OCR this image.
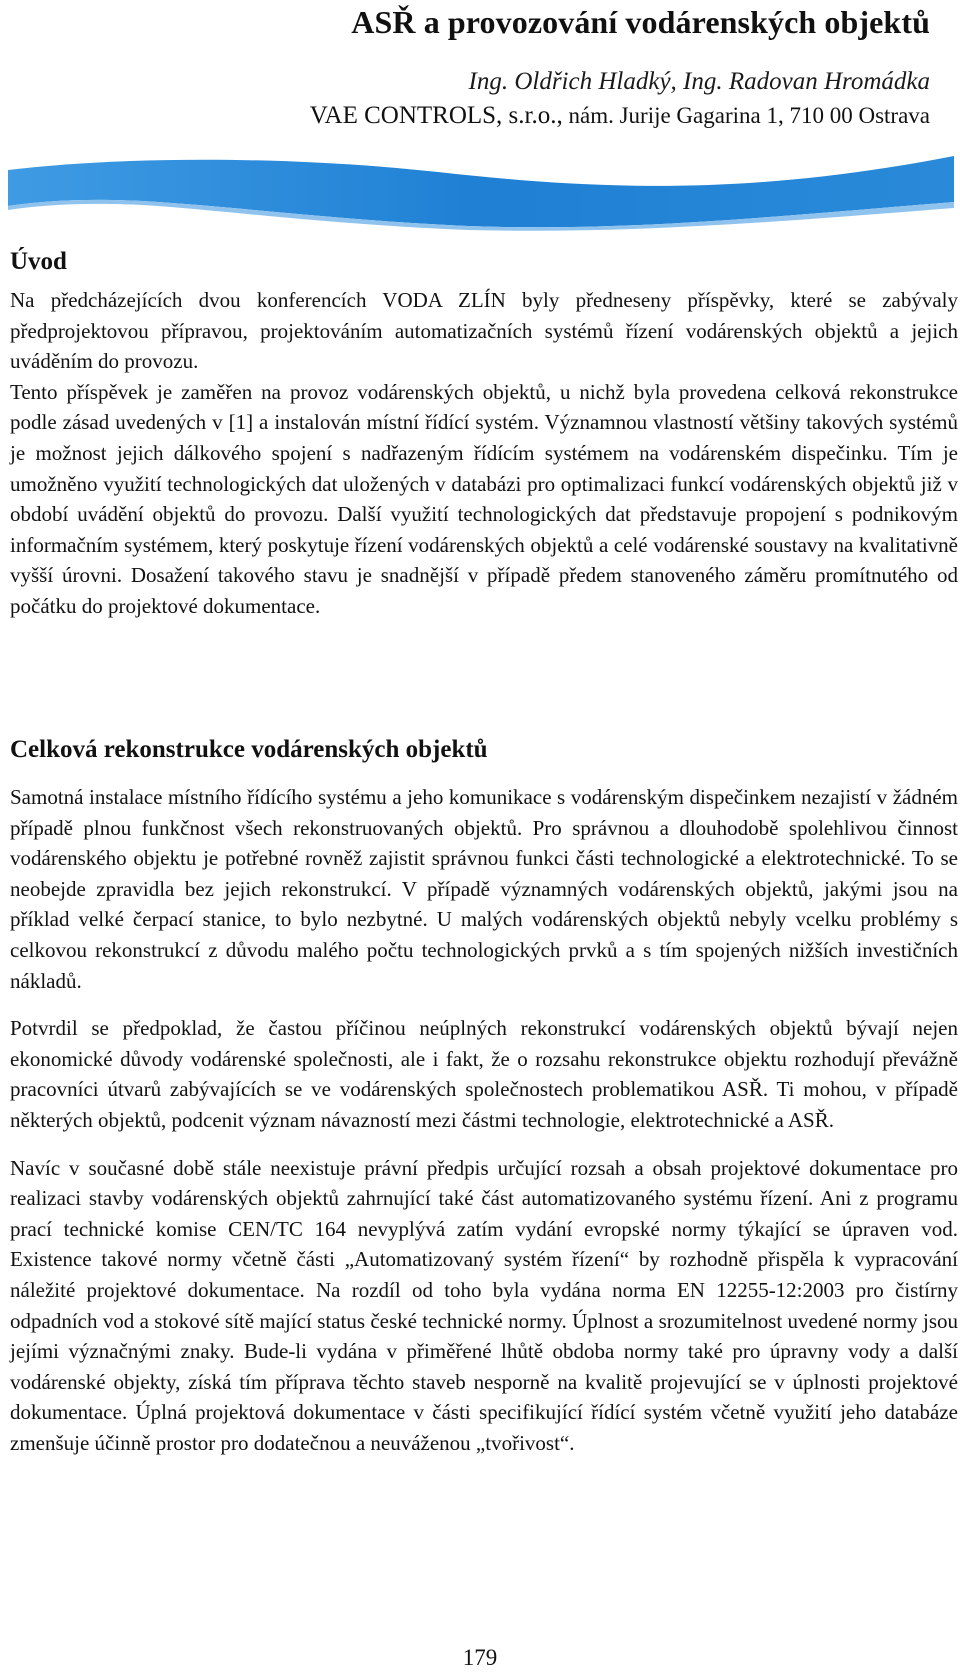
ASŘ a provozování vodárenských objektů
Ing. Oldřich Hladký, Ing. Radovan Hromádka
VAE CONTROLS, s.r.o., nám. Jurije Gagarina 1, 710 00 Ostrava
Úvod

Na předcházejících dvou konferencích VODA ZLÍN byly předneseny příspěvky, které se zabývaly předprojektovou přípravou, projektováním automatizačních systémů řízení vodárenských objektů a jejich uváděním do provozu.

Tento příspěvek je zaměřen na provoz vodárenských objektů, u nichž byla provedena celková rekonstrukce podle zásad uvedených v [1] a instalován místní řídící systém. Významnou vlastností většiny takových systémů je možnost jejich dálkového spojení s nadřazeným řídícím systémem na vodárenském dispečinku. Tím je umožněno využití technologických dat uložených v databázi pro optimalizaci funkcí vodárenských objektů již v období uvádění objektů do provozu. Další využití technologických dat představuje propojení s podnikovým informačním systémem, který poskytuje řízení vodárenských objektů a celé vodárenské soustavy na kvalitativně vyšší úrovni. Dosažení takového stavu je snadnější v případě předem stanoveného záměru promítnutého od počátku do projektové dokumentace.

Celková rekonstrukce vodárenských objektů

Samotná instalace místního řídícího systému a jeho komunikace s vodárenským dispečinkem nezajistí v žádném případě plnou funkčnost všech rekonstruovaných objektů. Pro správnou a dlouhodobě spolehlivou činnost vodárenského objektu je potřebné rovněž zajistit správnou funkci části technologické a elektrotechnické. To se neobejde zpravidla bez jejich rekonstrukcí. V případě významných vodárenských objektů, jakými jsou na příklad velké čerpací stanice, to bylo nezbytné. U malých vodárenských objektů nebyly vcelku problémy s celkovou rekonstrukcí z důvodu malého počtu technologických prvků a s tím spojených nižších investičních nákladů.

Potvrdil se předpoklad, že častou příčinou neúplných rekonstrukcí vodárenských objektů bývají nejen ekonomické důvody vodárenské společnosti, ale i fakt, že o rozsahu rekonstrukce objektu rozhodují převážně pracovníci útvarů zabývajících se ve vodárenských společnostech problematikou ASŘ. Ti mohou, v případě některých objektů, podcenit význam návazností mezi částmi technologie, elektrotechnické a ASŘ.

Navíc v současné době stále neexistuje právní předpis určující rozsah a obsah projektové dokumentace pro realizaci stavby vodárenských objektů zahrnující také část automatizovaného systému řízení. Ani z programu prací technické komise CEN/TC 164 nevyplývá zatím vydání evropské normy týkající se úpraven vod. Existence takové normy včetně části „Automatizovaný systém řízení“ by rozhodně přispěla k vypracování náležité projektové dokumentace. Na rozdíl od toho byla vydána norma EN 12255-12:2003 pro čistírny odpadních vod a stokové sítě mající status české technické normy. Úplnost a srozumitelnost uvedené normy jsou jejími význačnými znaky. Bude-li vydána v přiměřené lhůtě obdoba normy také pro úpravny vody a další vodárenské objekty, získá tím příprava těchto staveb nesporně na kvalitě projevující se v úplnosti projektové dokumentace. Úplná projektová dokumentace v části specifikující řídící systém včetně využití jeho databáze zmenšuje účinně prostor pro dodatečnou a neuváženou „tvořivost“.

179
